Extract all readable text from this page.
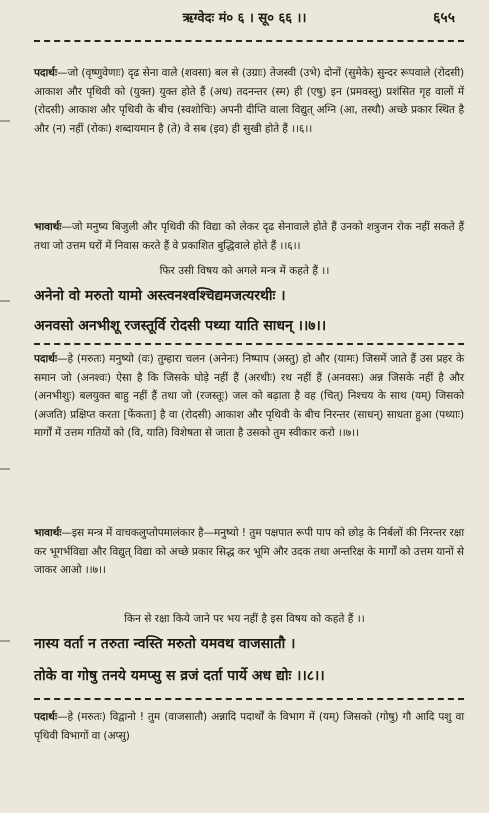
ऋग्वेदः मं० ६ । सू० ६६ ।।	६५५
पदार्थः—जो (वृष्णुवेणाः) दृढ सेना वाले (शवसा) बल से (उग्राः) तेजस्वी (उभे) दोनों (सुमेके) सुन्दर रूपवाले (रोदसी) आकाश और पृथिवी को (युक्त) युक्त होते हैं (अध) तदनन्तर (स्म) ही (एषु) इन (प्रमवस्तु) प्रशंसित गृह वालों में (रोदसी) आकाश और पृथिवी के बीच (स्वशोचिः) अपनी दीप्ति वाला विद्युत् अग्नि (आ, तस्थौ) अच्छे प्रकार स्थित है और (न) नहीं (रोकः) शब्दायमान है (ते) वे सब (इव) ही सुखी होते हैं ।।६।।
भावार्थः—जो मनुष्य बिजुली और पृथिवी की विद्या को लेकर दृढ सेनावाले होते हैं उनको शत्रुजन रोक नहीं सकते हैं तथा जो उत्तम घरों में निवास करते हैं वे प्रकाशित बुद्धिवाले होते हैं ।।६।।
फिर उसी विषय को अगले मन्त्र में कहते हैं ।।
अनेनो वो मरुतो यामो अस्त्वनश्वश्चिद्यमजत्यरथीः ।
अनवसो अनभीशू रजस्तूर्वि रोदसी पथ्या याति साधन् ।।७।।
पदार्थः—हे (मरुतः) मनुष्यो (वः) तुम्हारा चलन (अनेनः) निष्पाप (अस्तु) हो और (यामः) जिसमें जाते हैं उस प्रहर के समान जो (अनश्वः) ऐसा है कि जिसके घोड़े नहीं हैं (अरथीः) रथ नहीं हैं (अनवसः) अन्न जिसके नहीं है और (अनभीशुः) बलयुक्त बाहु नहीं हैं तथा जो (रजस्तूः) जल को बढ़ाता है वह (चित्) निश्चय के साथ (यम्) जिसको (अजति) प्रक्षिप्त करता [फेंकता] है वा (रोदसी) आकाश और पृथिवी के बीच निरन्तर (साधन्) साधता हुआ (पथ्याः) मार्गों में उत्तम गतियों को (वि, याति) विशेषता से जाता है उसको तुम स्वीकार करो ।।७।।
भावार्थः—इस मन्त्र में वाचकलुप्तोपमालंकार है—मनुष्यो ! तुम पक्षपात रूपी पाप को छोड़ के निर्बलों की निरन्तर रक्षा कर भूगर्भविद्या और विद्युत् विद्या को अच्छे प्रकार सिद्ध कर भूमि और उदक तथा अन्तरिक्ष के मार्गों को उत्तम यानों से जाकर आओ ।।७।।
किन से रक्षा किये जाने पर भय नहीं है इस विषय को कहते हैं ।।
नास्य वर्ता न तरुता न्वस्ति मरुतो यमवथ वाजसातौ ।
तोके वा गोषु तनये यमप्सु स व्रजं दर्ता पार्ये अध द्योः ।।८।।
पदार्थः—हे (मरुतः) विद्वानो ! तुम (वाजसातौ) अन्नादि पदार्थों के विभाग में (यम्) जिसको (गोषु) गौ आदि पशु वा पृथिवी विभागों वा (अप्सु)
